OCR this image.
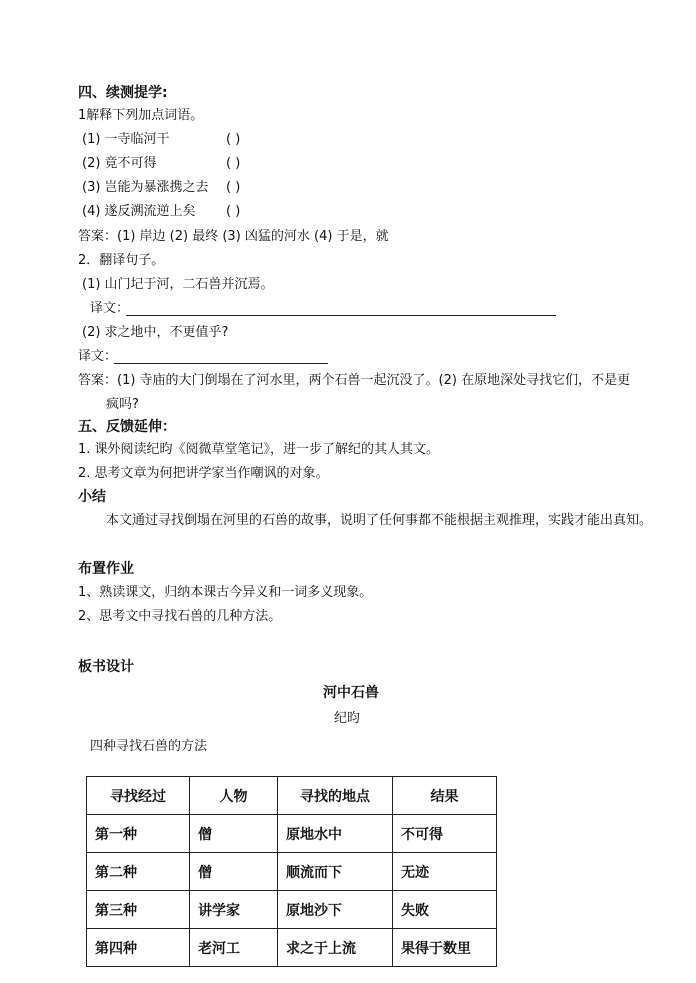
四、续测提学:
1解释下列加点词语。
(1) 一寺临河干	( )
(2) 竟不可得	( )
(3) 岂能为暴涨携之去 ( )
(4) 遂反溯流逆上矣 ( )
答案：(1) 岸边 (2) 最终 (3) 凶猛的河水 (4) 于是，就
2．翻译句子。
(1) 山门圮于河，二石兽并沉焉。
译文：
(2) 求之地中，不更值乎?
译文：
答案：(1) 寺庙的大门倒塌在了河水里，两个石兽一起沉没了。(2) 在原地深处寻找它们，不是更
疯吗?
五、反馈延伸：
1. 课外阅读纪昀《阅微草堂笔记》，进一步了解纪的其人其文。
2. 思考文章为何把讲学家当作嘲讽的对象。
小结
本文通过寻找倒塌在河里的石兽的故事，说明了任何事都不能根据主观推理，实践才能出真知。
布置作业
1、熟读课文，归纳本课古今异义和一词多义现象。
2、思考文中寻找石兽的几种方法。
板书设计
河中石兽
纪昀
四种寻找石兽的方法
寻找经过	人物	寻找的地点	结果
第一种	僧	原地水中	不可得
第二种	僧	顺流而下	无迹
第三种	讲学家	原地沙下	失败
第四种	老河工	求之于上流	果得于数里
